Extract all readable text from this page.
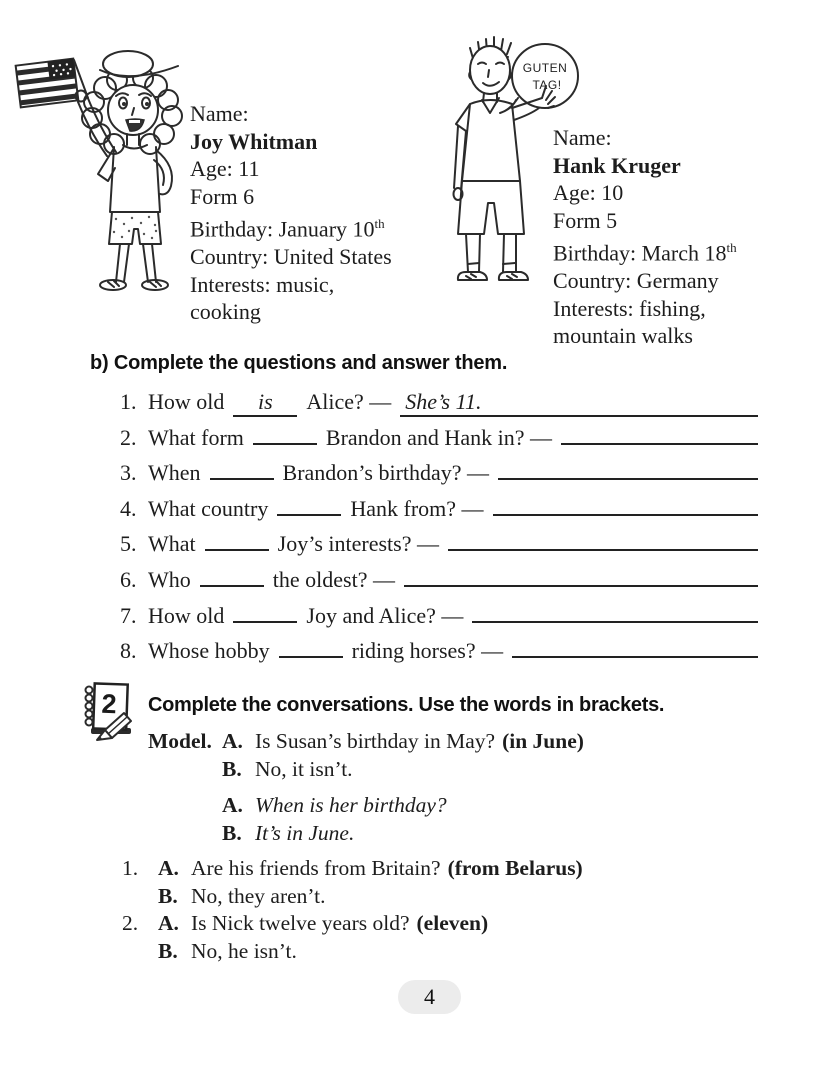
Name:
Joy Whitman
Age: 11
Form 6
Birthday: January 10th
Country: United States
Interests: music,
cooking
GUTEN
TAG!
Name:
Hank Kruger
Age: 10
Form 5
Birthday: March 18th
Country: Germany
Interests: fishing,
mountain walks
b) Complete the questions and answer them.
1. How old	is	Alice? — She’s 11.
2. What form	Brandon and Hank in? —
3. When	Brandon’s birthday? —
4. What country	Hank from? —
5. What	Joy’s interests? —
6. Who	the oldest? —
7. How old	Joy and Alice? —
8. Whose hobby	riding horses? —
2 Complete the conversations. Use the words in brackets.
Model. A. Is Susan’s birthday in May? (in June)
B. No, it isn’t.
A. When is her birthday?
B. It’s in June.
1. A. Are his friends from Britain? (from Belarus)
B. No, they aren’t.
2. A. Is Nick twelve years old? (eleven)
B. No, he isn’t.
4
